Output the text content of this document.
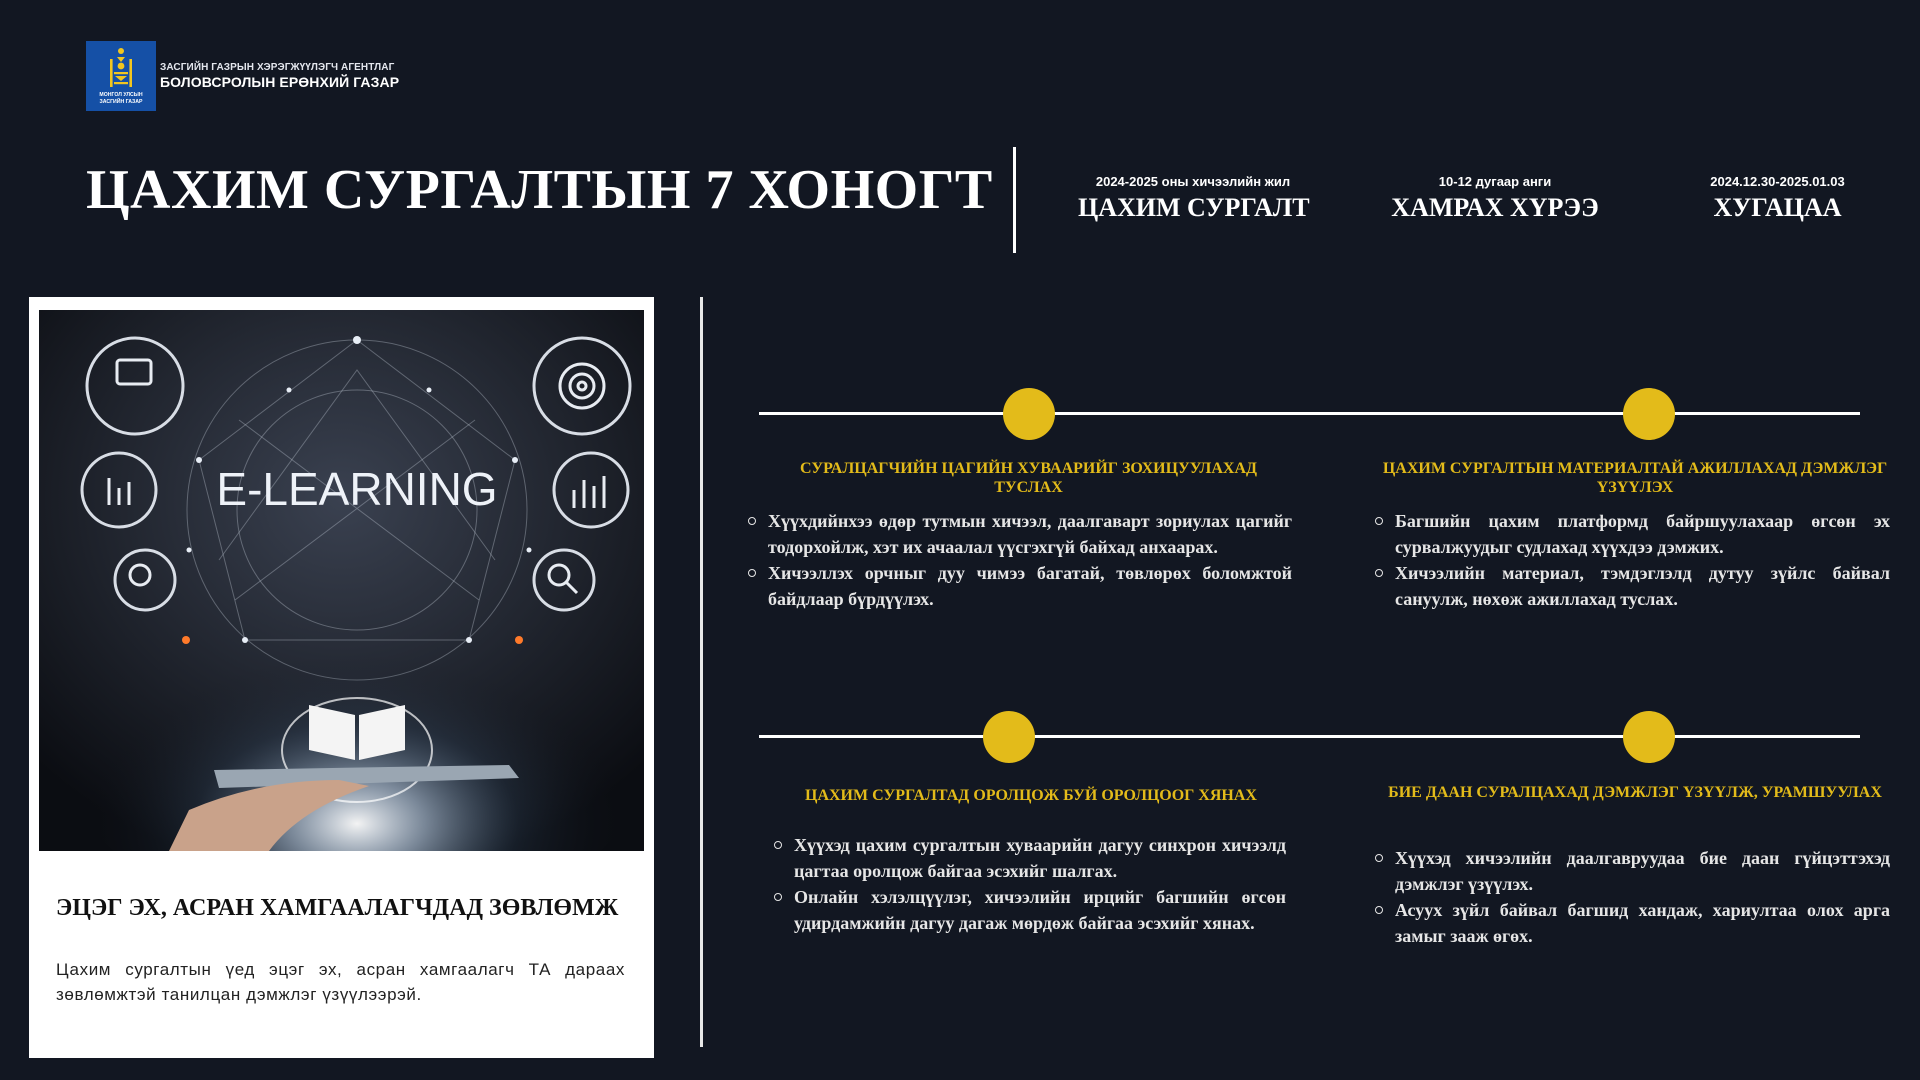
МОНГОЛ УЛСЫН
ЗАСГИЙН ГАЗАР
ЗАСГИЙН ГАЗРЫН ХЭРЭГЖҮҮЛЭГЧ АГЕНТЛАГ
БОЛОВСРОЛЫН ЕРӨНХИЙ ГАЗАР
ЦАХИМ СУРГАЛТЫН 7 ХОНОГТ	2024-2025 оны хичээлийн жил
ЦАХИМ СУРГАЛТ
10-12 дугаар анги
ХАМРАХ ХҮРЭЭ
2024.12.30-2025.01.03
ХУГАЦАА
E-LEARNING
ЭЦЭГ ЭХ, АСРАН ХАМГААЛАГЧДАД ЗӨВЛӨМЖ
Цахим сургалтын үед эцэг эх, асран хамгаалагч ТА дараах зөвлөмжтэй танилцан дэмжлэг үзүүлээрэй.
СУРАЛЦАГЧИЙН ЦАГИЙН ХУВААРИЙГ ЗОХИЦУУЛАХАД ТУСЛАХ
Хүүхдийнхээ өдөр тутмын хичээл, даалгаварт зориулах цагийг тодорхойлж, хэт их ачаалал үүсгэхгүй байхад анхаарах.
Хичээллэх орчныг дуу чимээ багатай, төвлөрөх боломжтой байдлаар бүрдүүлэх.
ЦАХИМ СУРГАЛТЫН МАТЕРИАЛТАЙ АЖИЛЛАХАД ДЭМЖЛЭГ ҮЗҮҮЛЭХ
Багшийн цахим платформд байршуулахаар өгсөн эх сурвалжуудыг судлахад хүүхдээ дэмжих.
Хичээлийн материал, тэмдэглэлд дутуу зүйлс байвал сануулж, нөхөж ажиллахад туслах.
ЦАХИМ СУРГАЛТАД ОРОЛЦОЖ БУЙ ОРОЛЦООГ ХЯНАХ
Хүүхэд цахим сургалтын хуваарийн дагуу синхрон хичээлд цагтаа оролцож байгаа эсэхийг шалгах.
Онлайн хэлэлцүүлэг, хичээлийн ирцийг багшийн өгсөн удирдамжийн дагуу дагаж мөрдөж байгаа эсэхийг хянах.
БИЕ ДААН СУРАЛЦАХАД ДЭМЖЛЭГ ҮЗҮҮЛЖ, УРАМШУУЛАХ
Хүүхэд хичээлийн даалгавруудаа бие даан гүйцэттэхэд дэмжлэг үзүүлэх.
Асуух зүйл байвал багшид хандаж, хариултаа олох арга замыг зааж өгөх.
